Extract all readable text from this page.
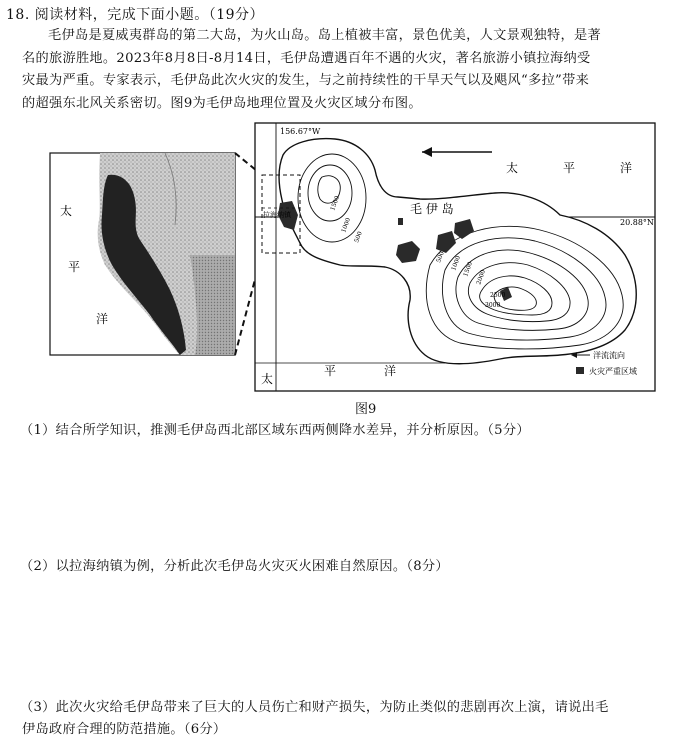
18. 阅读材料，完成下面小题。（19分）
毛伊岛是夏威夷群岛的第二大岛，为火山岛。岛上植被丰富，景色优美，人文景观独特，是著
名的旅游胜地。2023年8月8日-8月14日，毛伊岛遭遇百年不遇的火灾，著名旅游小镇拉海纳受
灾最为严重。专家表示，毛伊岛此次火灾的发生，与之前持续性的干旱天气以及飓风“多拉”带来
的超强东北风关系密切。图9为毛伊岛地理位置及火灾区域分布图。
太
平
洋
156.67°W
20.88°N
拉海纳镇
1500
1000
500
500 1000 1500 2000
2500
3000
太	平	洋
太
平	洋
毛 伊 岛
洋流流向
火灾严重区域
图9
（1）结合所学知识，推测毛伊岛西北部区域东西两侧降水差异，并分析原因。（5分）
（2）以拉海纳镇为例，分析此次毛伊岛火灾灭火困难自然原因。（8分）
（3）此次火灾给毛伊岛带来了巨大的人员伤亡和财产损失，为防止类似的悲剧再次上演，请说出毛
伊岛政府合理的防范措施。（6分）
